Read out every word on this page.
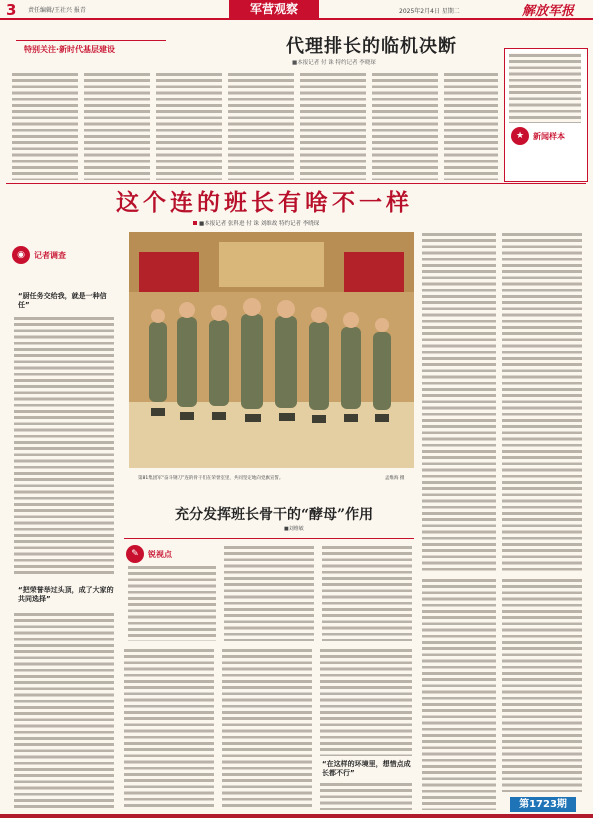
3 责任编辑/王社兴 报青	军营观察	2025年2月4日 星期二	解放军报
特别关注·新时代基层建设	代理排长的临机决断
■本报记者 付 诛 特约记者 李晓琛
★	新闻样本
这个连的班长有啥不一样
■本报记者 张科进 付 诛 刘维故 特约记者 李晓琛
◉	记者调查
“厨任务交给我，就是一种信任”
第81集团军“奋斗钢刀”连的骨干们在荣誉室里，共同坚定地向党旗宣誓。	孟维海 摄
充分发挥班长骨干的“酵母”作用
■刘维敏
✎	锐视点
“把荣誉举过头顶，成了大家的共同选择”
“在这样的环境里，想惜点成长都不行”
第1723期
